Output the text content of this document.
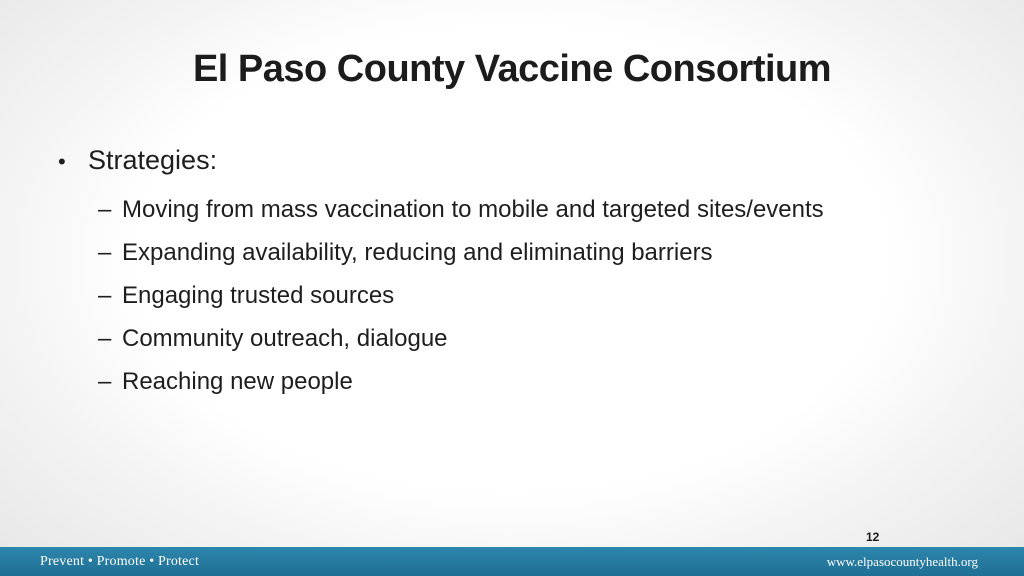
El Paso County Vaccine Consortium
• Strategies:
– Moving from mass vaccination to mobile and targeted sites/events
– Expanding availability, reducing and eliminating barriers
– Engaging trusted sources
– Community outreach, dialogue
– Reaching new people
12
Prevent • Promote • Protect	www.elpasocountyhealth.org
